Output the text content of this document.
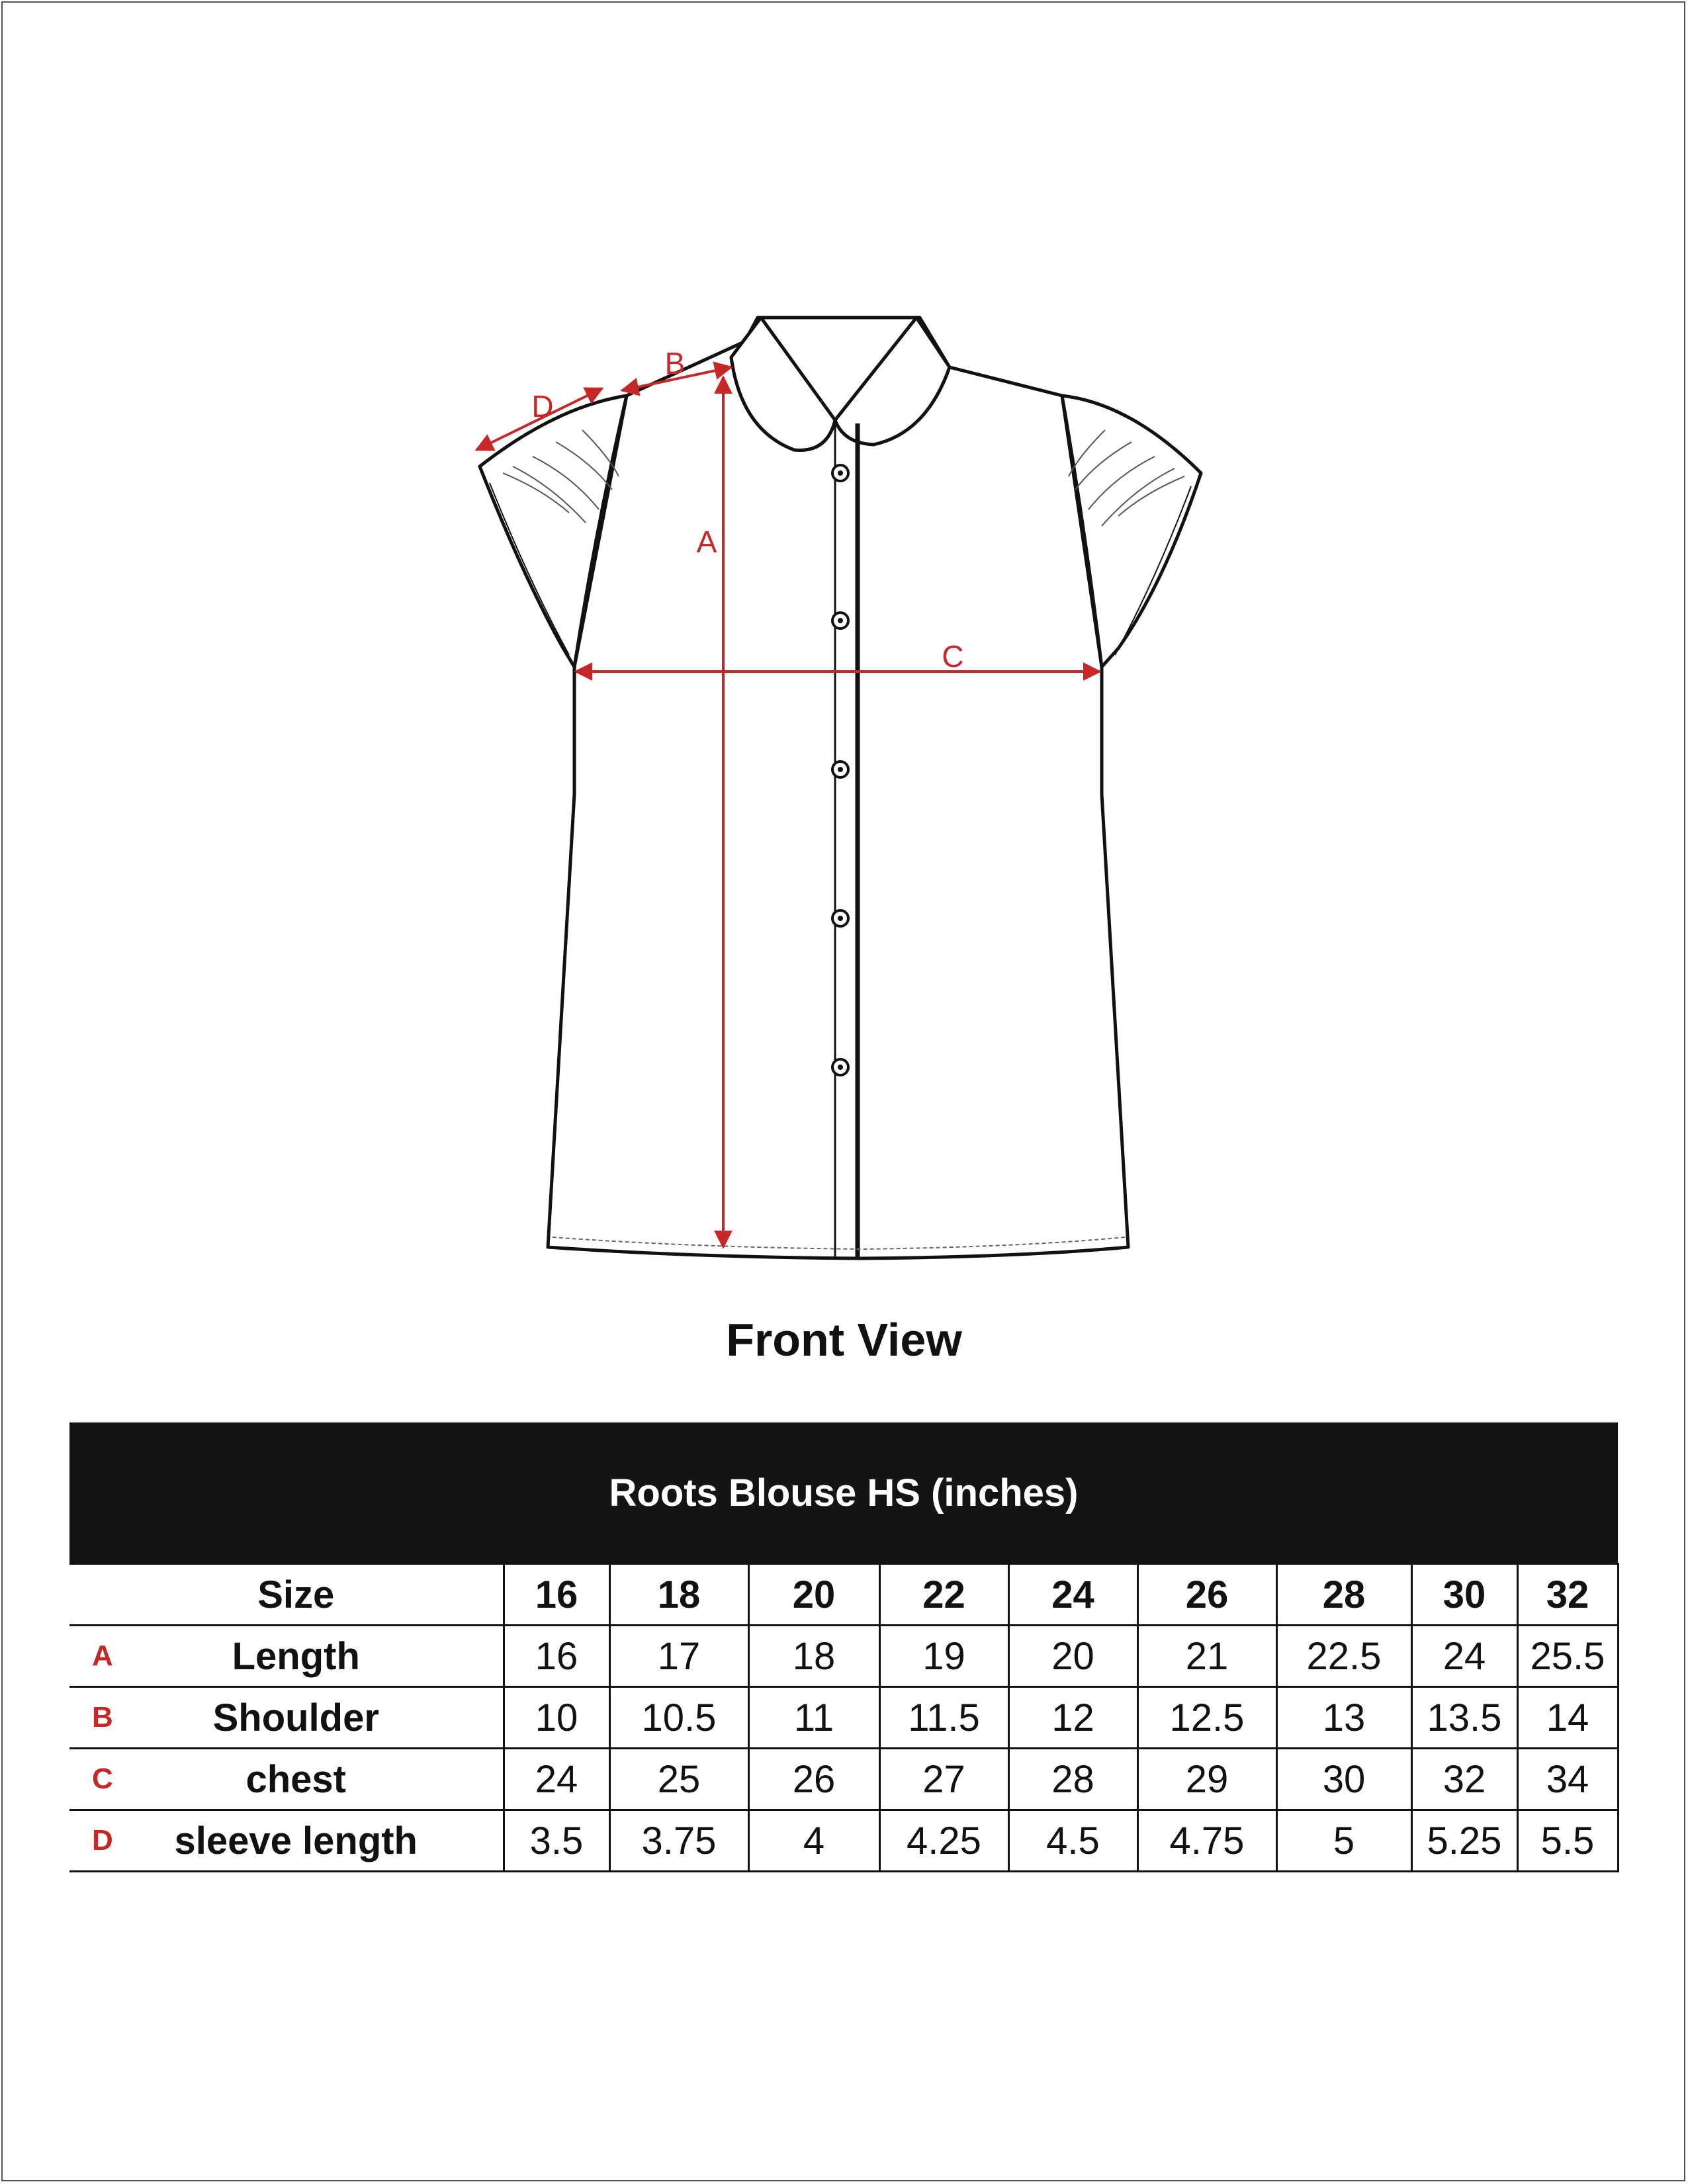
A
B
C
D
Front View
Roots Blouse HS (inches)
Size	16	18	20	22	24	26	28	30	32

A Length	16	17	18	19	20	21	22.5	24	25.5

B Shoulder	10	10.5	11	11.5	12	12.5	13	13.5	14

C chest	24	25	26	27	28	29	30	32	34

D sleeve length	3.5	3.75	4	4.25	4.5	4.75	5	5.25	5.5
